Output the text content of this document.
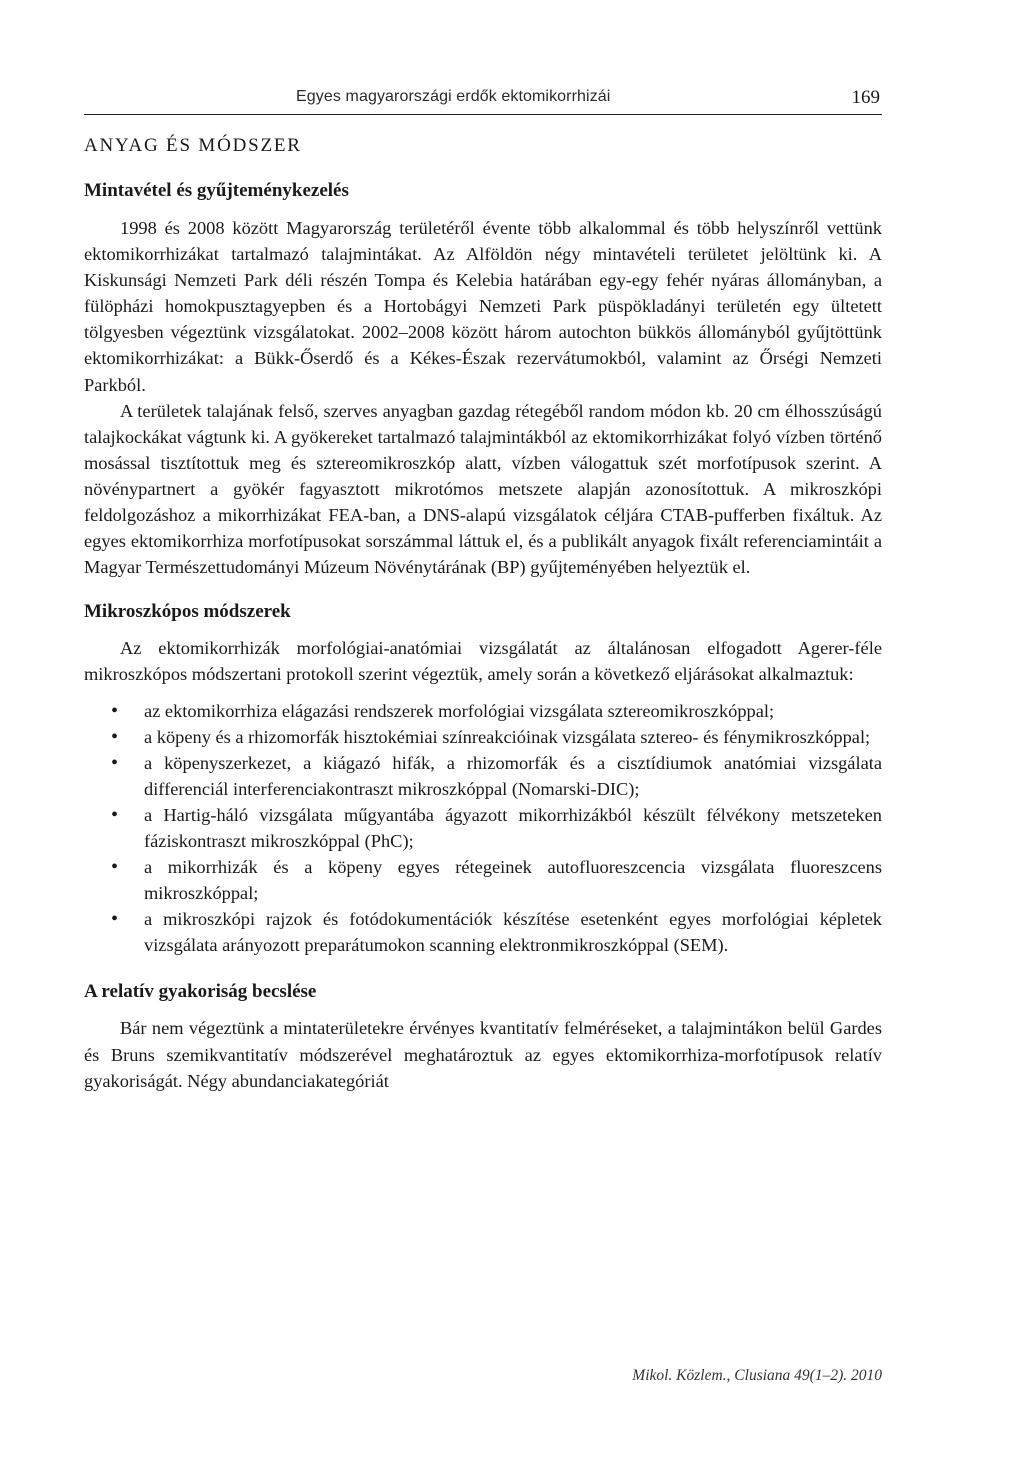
Egyes magyarországi erdők ektomikorrhizái	169
ANYAG ÉS MÓDSZER
Mintavétel és gyűjteménykezelés

1998 és 2008 között Magyarország területéről évente több alkalommal és több helyszínről vettünk ektomikorrhizákat tartalmazó talajmintákat. Az Alföldön négy mintavételi területet jelöltünk ki. A Kiskunsági Nemzeti Park déli részén Tompa és Kelebia határában egy-egy fehér nyáras állományban, a fülöpházi homokpusztagyepben és a Hortobágyi Nemzeti Park püspökladányi területén egy ültetett tölgyesben végeztünk vizsgálatokat. 2002–2008 között három autochton bükkös állományból gyűjtöttünk ektomikorrhizákat: a Bükk-Őserdő és a Kékes-Észak rezervátumokból, valamint az Őrségi Nemzeti Parkból.

A területek talajának felső, szerves anyagban gazdag rétegéből random módon kb. 20 cm élhosszúságú talajkockákat vágtunk ki. A gyökereket tartalmazó talajmintákból az ektomikorrhizákat folyó vízben történő mosással tisztítottuk meg és sztereomikroszkóp alatt, vízben válogattuk szét morfotípusok szerint. A növénypartnert a gyökér fagyasztott mikrotómos metszete alapján azonosítottuk. A mikroszkópi feldolgozáshoz a mikorrhizákat FEA-ban, a DNS-alapú vizsgálatok céljára CTAB-pufferben fixáltuk. Az egyes ektomikorrhiza morfotípusokat sorszámmal láttuk el, és a publikált anyagok fixált referenciamintáit a Magyar Természettudományi Múzeum Növénytárának (BP) gyűjteményében helyeztük el.

Mikroszkópos módszerek

Az ektomikorrhizák morfológiai-anatómiai vizsgálatát az általánosan elfogadott Agerer-féle mikroszkópos módszertani protokoll szerint végeztük, amely során a következő eljárásokat alkalmaztuk:

• az ektomikorrhiza elágazási rendszerek morfológiai vizsgálata sztereomikroszkóppal;
• a köpeny és a rhizomorfák hisztokémiai színreakcióinak vizsgálata sztereo- és fénymikroszkóppal;
• a köpenyszerkezet, a kiágazó hifák, a rhizomorfák és a cisztídiumok anatómiai vizsgálata differenciál interferenciakontraszt mikroszkóppal (Nomarski-DIC);
• a Hartig-háló vizsgálata műgyantába ágyazott mikorrhizákból készült félvékony metszeteken fáziskontraszt mikroszkóppal (PhC);
• a mikorrhizák és a köpeny egyes rétegeinek autofluoreszcencia vizsgálata fluoreszcens mikroszkóppal;
• a mikroszkópi rajzok és fotódokumentációk készítése esetenként egyes morfológiai képletek vizsgálata arányozott preparátumokon scanning elektronmikroszkóppal (SEM).
A relatív gyakoriság becslése

Bár nem végeztünk a mintaterületekre érvényes kvantitatív felméréseket, a talajmintákon belül Gardes és Bruns szemikvantitatív módszerével meghatároztuk az egyes ektomikorrhiza-morfotípusok relatív gyakoriságát. Négy abundanciakategóriát

Mikol. Közlem., Clusiana 49(1–2). 2010
